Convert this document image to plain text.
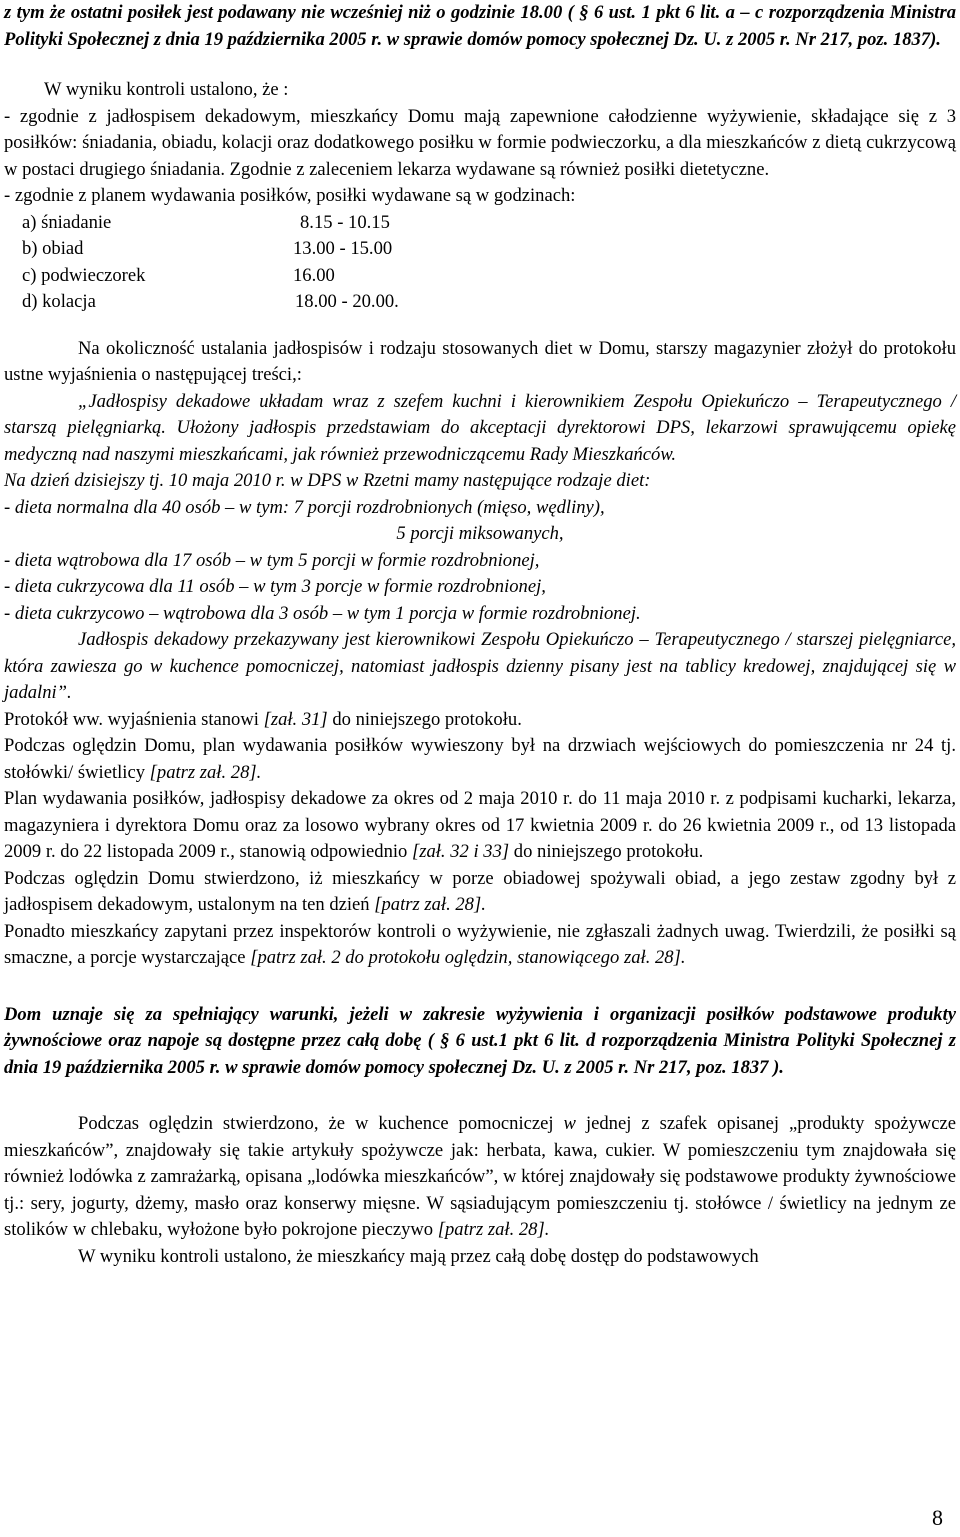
z tym że ostatni posiłek jest podawany nie wcześniej niż o godzinie 18.00 ( § 6 ust. 1 pkt 6 lit. a – c rozporządzenia Ministra Polityki Społecznej z dnia 19 października 2005 r. w sprawie domów pomocy społecznej Dz. U. z 2005 r. Nr 217, poz. 1837).

W wyniku kontroli ustalono, że :

- zgodnie z jadłospisem dekadowym, mieszkańcy Domu mają zapewnione całodzienne wyżywienie, składające się z 3 posiłków: śniadania, obiadu, kolacji oraz dodatkowego posiłku w formie podwieczorku, a dla mieszkańców z dietą cukrzycową w postaci drugiego śniadania. Zgodnie z zaleceniem lekarza wydawane są również posiłki dietetyczne.

- zgodnie z planem wydawania posiłków, posiłki wydawane są w godzinach:

a) śniadanie	8.15 - 10.15
b) obiad	13.00 - 15.00
c) podwieczorek	16.00
d) kolacja	18.00 - 20.00.

Na okoliczność ustalania jadłospisów i rodzaju stosowanych diet w Domu, starszy magazynier złożył do protokołu ustne wyjaśnienia o następującej treści,:

„Jadłospisy dekadowe układam wraz z szefem kuchni i kierownikiem Zespołu Opiekuńczo – Terapeutycznego / starszą pielęgniarką. Ułożony jadłospis przedstawiam do akceptacji dyrektorowi DPS, lekarzowi sprawującemu opiekę medyczną nad naszymi mieszkańcami, jak również przewodniczącemu Rady Mieszkańców.

Na dzień dzisiejszy tj. 10 maja 2010 r. w DPS w Rzetni mamy następujące rodzaje diet:

- dieta normalna dla 40 osób – w tym: 7 porcji rozdrobnionych (mięso, wędliny),

5 porcji miksowanych,

- dieta wątrobowa dla 17 osób – w tym 5 porcji w formie rozdrobnionej,

- dieta cukrzycowa dla 11 osób – w tym 3 porcje w formie rozdrobnionej,

- dieta cukrzycowo – wątrobowa dla 3 osób – w tym 1 porcja w formie rozdrobnionej.

Jadłospis dekadowy przekazywany jest kierownikowi Zespołu Opiekuńczo – Terapeutycznego / starszej pielęgniarce, która zawiesza go w kuchence pomocniczej, natomiast jadłospis dzienny pisany jest na tablicy kredowej, znajdującej się w jadalni”.

Protokół ww. wyjaśnienia stanowi [zał. 31] do niniejszego protokołu.

Podczas oględzin Domu, plan wydawania posiłków wywieszony był na drzwiach wejściowych do pomieszczenia nr 24 tj. stołówki/ świetlicy [patrz zał. 28].

Plan wydawania posiłków, jadłospisy dekadowe za okres od 2 maja 2010 r. do 11 maja 2010 r. z podpisami kucharki, lekarza, magazyniera i dyrektora Domu oraz za losowo wybrany okres od 17 kwietnia 2009 r. do 26 kwietnia 2009 r., od 13 listopada 2009 r. do 22 listopada 2009 r., stanowią odpowiednio [zał. 32 i 33] do niniejszego protokołu.

Podczas oględzin Domu stwierdzono, iż mieszkańcy w porze obiadowej spożywali obiad, a jego zestaw zgodny był z jadłospisem dekadowym, ustalonym na ten dzień [patrz zał. 28].

Ponadto mieszkańcy zapytani przez inspektorów kontroli o wyżywienie, nie zgłaszali żadnych uwag. Twierdzili, że posiłki są smaczne, a porcje wystarczające [patrz zał. 2 do protokołu oględzin, stanowiącego zał. 28].

Dom uznaje się za spełniający warunki, jeżeli w zakresie wyżywienia i organizacji posiłków podstawowe produkty żywnościowe oraz napoje są dostępne przez całą dobę ( § 6 ust.1 pkt 6 lit. d rozporządzenia Ministra Polityki Społecznej z dnia 19 października 2005 r. w sprawie domów pomocy społecznej Dz. U. z 2005 r. Nr 217, poz. 1837 ).

Podczas oględzin stwierdzono, że w kuchence pomocniczej w jednej z szafek opisanej „produkty spożywcze mieszkańców”, znajdowały się takie artykuły spożywcze jak: herbata, kawa, cukier. W pomieszczeniu tym znajdowała się również lodówka z zamrażarką, opisana „lodówka mieszkańców”, w której znajdowały się podstawowe produkty żywnościowe tj.: sery, jogurty, dżemy, masło oraz konserwy mięsne. W sąsiadującym pomieszczeniu tj. stołówce / świetlicy na jednym ze stolików w chlebaku, wyłożone było pokrojone pieczywo [patrz zał. 28].

W wyniku kontroli ustalono, że mieszkańcy mają przez całą dobę dostęp do podstawowych

8
